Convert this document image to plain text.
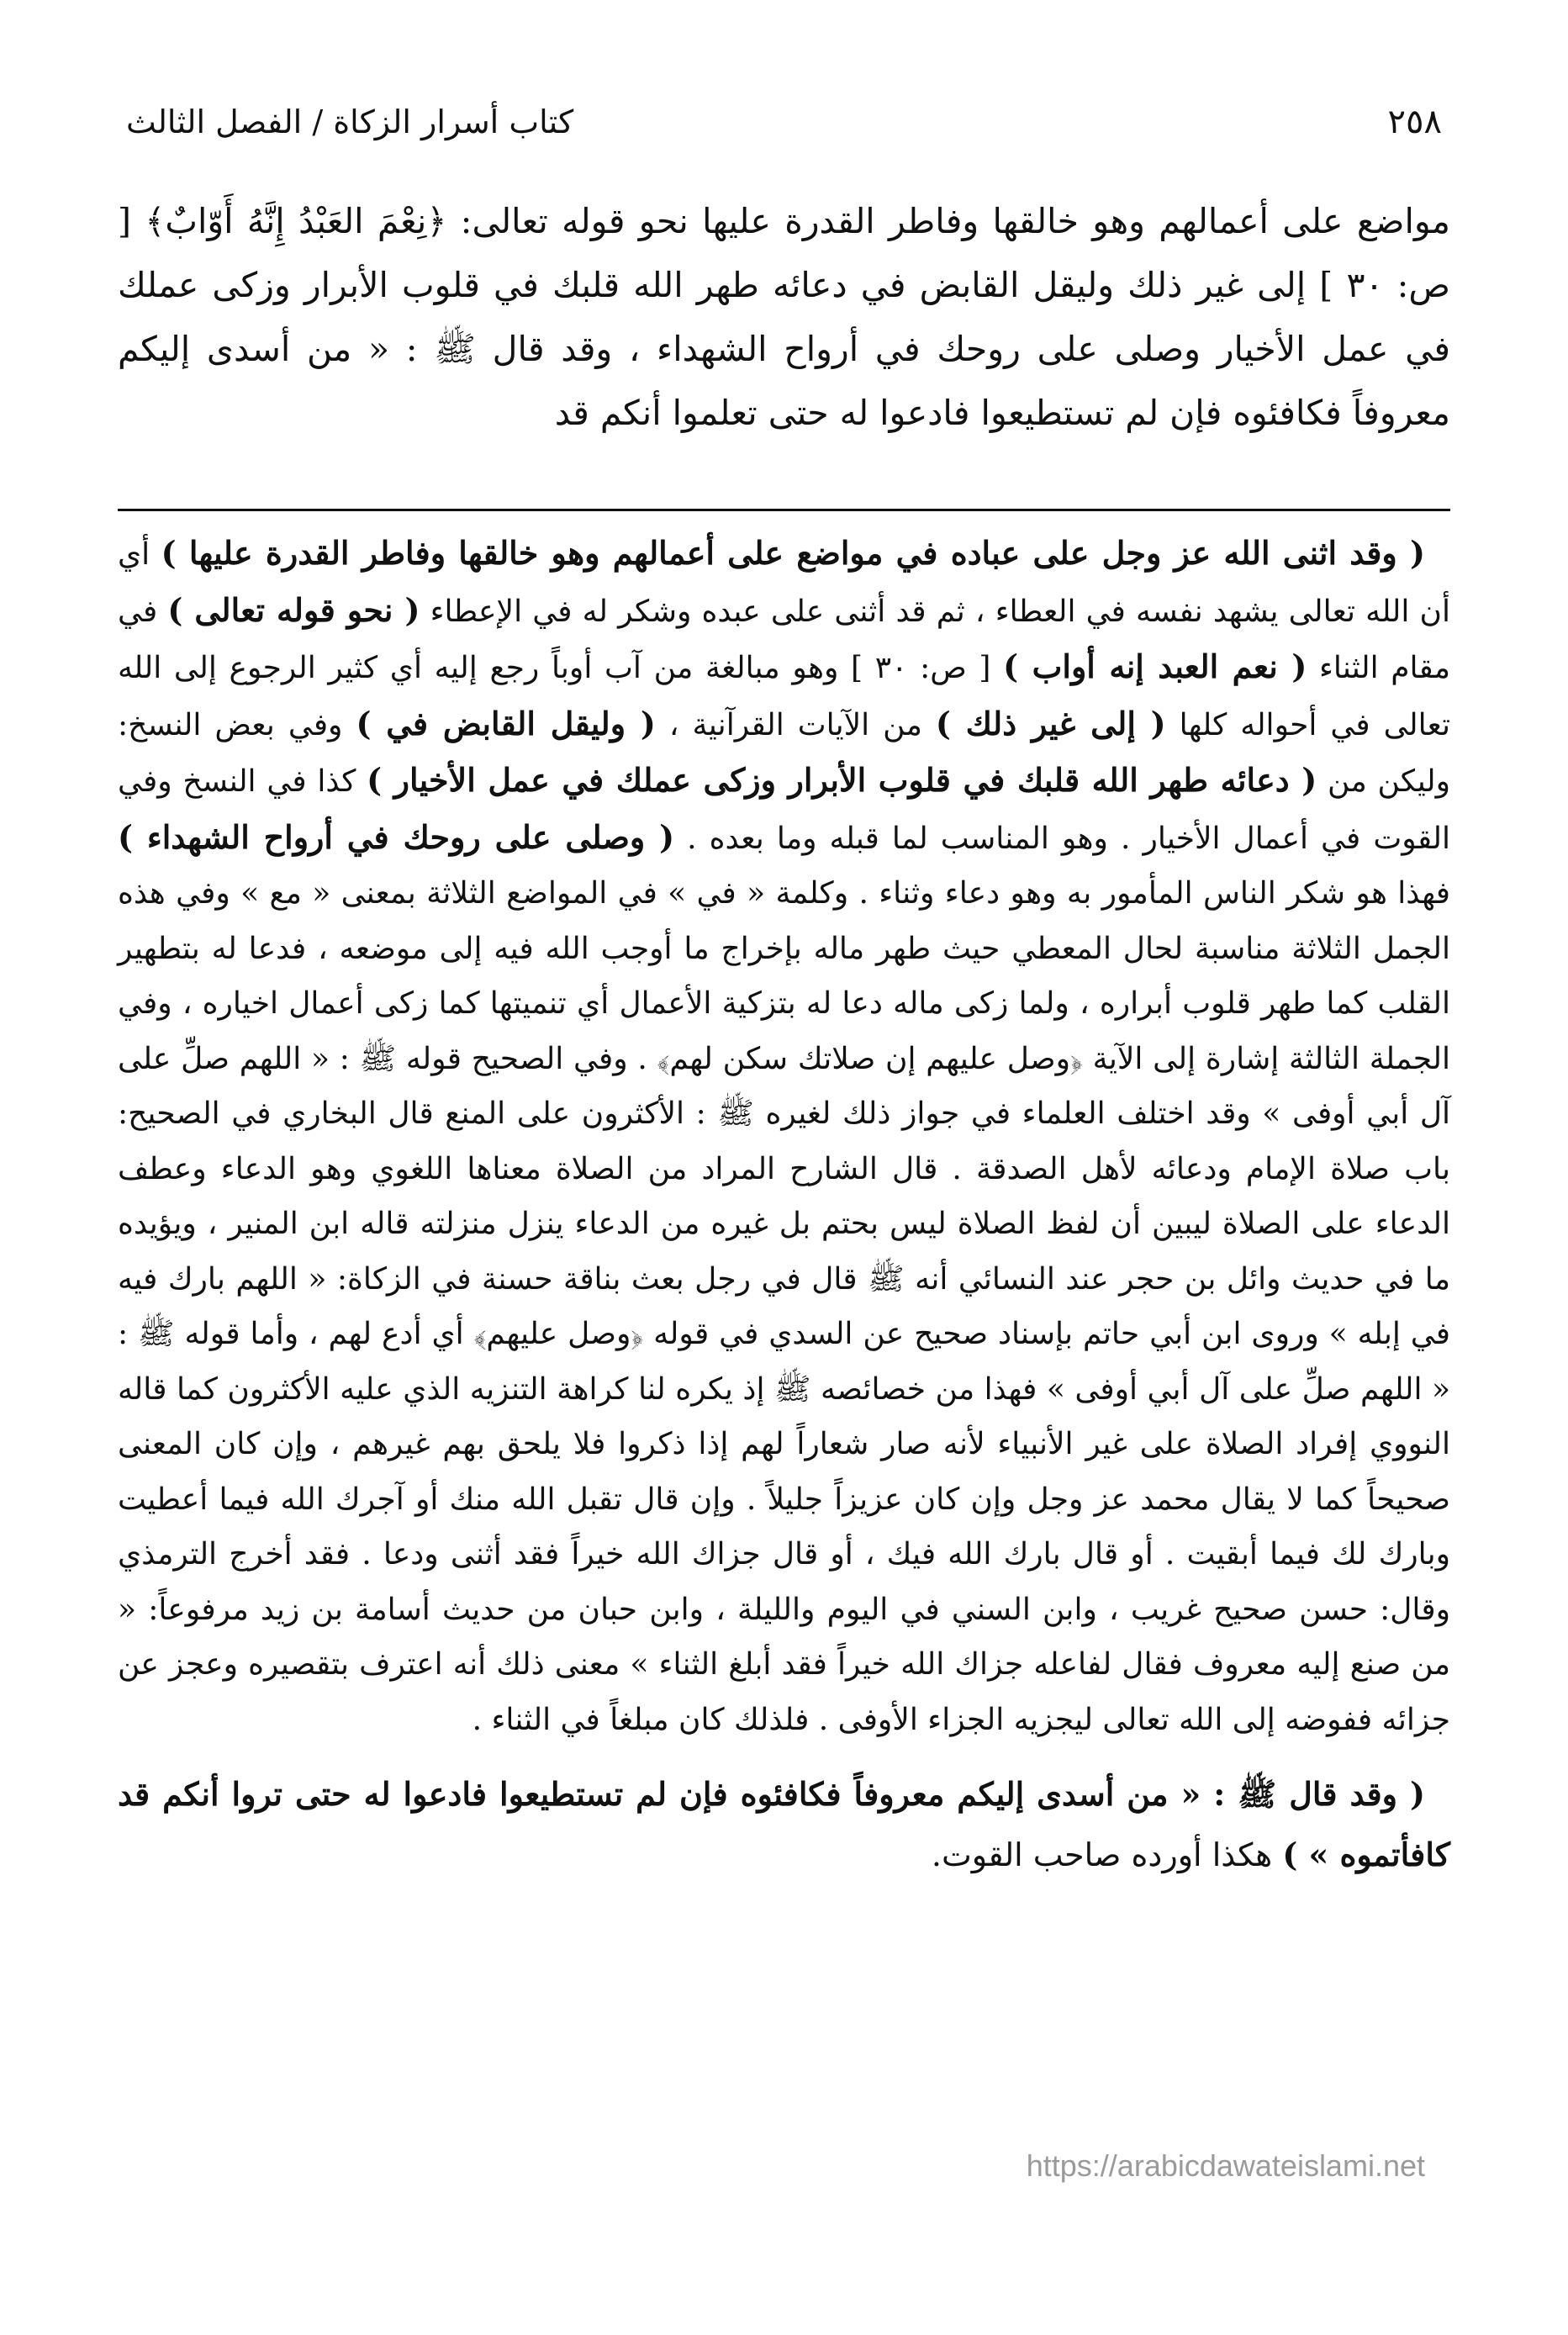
٢٥٨
كتاب أسرار الزكاة / الفصل الثالث

مواضع على أعمالهم وهو خالقها وفاطر القدرة عليها نحو قوله تعالى: ﴿نِعْمَ العَبْدُ إِنَّهُ أَوّابٌ﴾ [ ص: ٣٠ ] إلى غير ذلك وليقل القابض في دعائه طهر الله قلبك في قلوب الأبرار وزكى عملك في عمل الأخيار وصلى على روحك في أرواح الشهداء ، وقد قال ﷺ : « من أسدى إليكم معروفاً فكافئوه فإن لم تستطيعوا فادعوا له حتى تعلموا أنكم قد

( وقد اثنى الله عز وجل على عباده في مواضع على أعمالهم وهو خالقها وفاطر القدرة عليها ) أي أن الله تعالى يشهد نفسه في العطاء ، ثم قد أثنى على عبده وشكر له في الإعطاء ( نحو قوله تعالى ) في مقام الثناء ( نعم العبد إنه أواب ) [ ص: ٣٠ ] وهو مبالغة من آب أوباً رجع إليه أي كثير الرجوع إلى الله تعالى في أحواله كلها ( إلى غير ذلك ) من الآيات القرآنية ، ( وليقل القابض في ) وفي بعض النسخ: وليكن من ( دعائه طهر الله قلبك في قلوب الأبرار وزكى عملك في عمل الأخيار ) كذا في النسخ وفي القوت في أعمال الأخيار . وهو المناسب لما قبله وما بعده . ( وصلى على روحك في أرواح الشهداء ) فهذا هو شكر الناس المأمور به وهو دعاء وثناء . وكلمة « في » في المواضع الثلاثة بمعنى « مع » وفي هذه الجمل الثلاثة مناسبة لحال المعطي حيث طهر ماله بإخراج ما أوجب الله فيه إلى موضعه ، فدعا له بتطهير القلب كما طهر قلوب أبراره ، ولما زكى ماله دعا له بتزكية الأعمال أي تنميتها كما زكى أعمال اخياره ، وفي الجملة الثالثة إشارة إلى الآية ﴿وصل عليهم إن صلاتك سكن لهم﴾ . وفي الصحيح قوله ﷺ : « اللهم صلِّ على آل أبي أوفى » وقد اختلف العلماء في جواز ذلك لغيره ﷺ : الأكثرون على المنع قال البخاري في الصحيح: باب صلاة الإمام ودعائه لأهل الصدقة . قال الشارح المراد من الصلاة معناها اللغوي وهو الدعاء وعطف الدعاء على الصلاة ليبين أن لفظ الصلاة ليس بحتم بل غيره من الدعاء ينزل منزلته قاله ابن المنير ، ويؤيده ما في حديث وائل بن حجر عند النسائي أنه ﷺ قال في رجل بعث بناقة حسنة في الزكاة: « اللهم بارك فيه في إبله » وروى ابن أبي حاتم بإسناد صحيح عن السدي في قوله ﴿وصل عليهم﴾ أي أدع لهم ، وأما قوله ﷺ : « اللهم صلِّ على آل أبي أوفى » فهذا من خصائصه ﷺ إذ يكره لنا كراهة التنزيه الذي عليه الأكثرون كما قاله النووي إفراد الصلاة على غير الأنبياء لأنه صار شعاراً لهم إذا ذكروا فلا يلحق بهم غيرهم ، وإن كان المعنى صحيحاً كما لا يقال محمد عز وجل وإن كان عزيزاً جليلاً . وإن قال تقبل الله منك أو آجرك الله فيما أعطيت وبارك لك فيما أبقيت . أو قال بارك الله فيك ، أو قال جزاك الله خيراً فقد أثنى ودعا . فقد أخرج الترمذي وقال: حسن صحيح غريب ، وابن السني في اليوم والليلة ، وابن حبان من حديث أسامة بن زيد مرفوعاً: « من صنع إليه معروف فقال لفاعله جزاك الله خيراً فقد أبلغ الثناء » معنى ذلك أنه اعترف بتقصيره وعجز عن جزائه ففوضه إلى الله تعالى ليجزيه الجزاء الأوفى . فلذلك كان مبلغاً في الثناء .

( وقد قال ﷺ : « من أسدى إليكم معروفاً فكافئوه فإن لم تستطيعوا فادعوا له حتى تروا أنكم قد كافأتموه » ) هكذا أورده صاحب القوت.

https://arabicdawateislami.net
